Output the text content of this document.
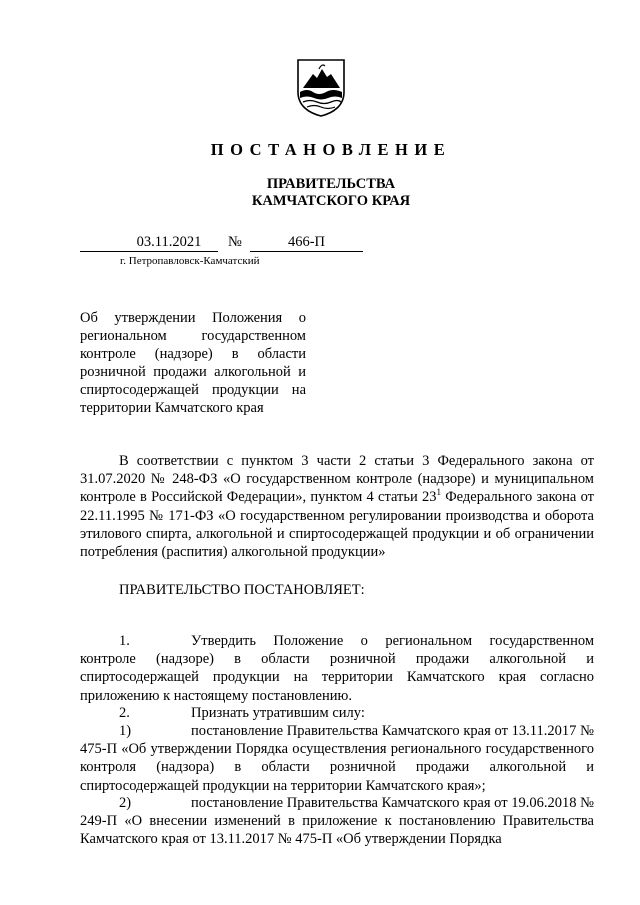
ПОСТАНОВЛЕНИЕ
ПРАВИТЕЛЬСТВА
КАМЧАТСКОГО КРАЯ
03.11.2021	№	466-П
г. Петропавловск-Камчатский
Об утверждении Положения о региональном государственном контроле (надзоре) в области розничной продажи алкогольной и спиртосодержащей продукции на территории Камчатского края
В соответствии с пунктом 3 части 2 статьи 3 Федерального закона от 31.07.2020 № 248-ФЗ «О государственном контроле (надзоре) и муниципальном контроле в Российской Федерации», пунктом 4 статьи $23^1$ Федерального закона от 22.11.1995 № 171-ФЗ «О государственном регулировании производства и оборота этилового спирта, алкогольной и спиртосодержащей продукции и об ограничении потребления (распития) алкогольной продукции»
ПРАВИТЕЛЬСТВО ПОСТАНОВЛЯЕТ:
1.	Утвердить Положение о региональном государственном контроле (надзоре) в области розничной продажи алкогольной и спиртосодержащей продукции на территории Камчатского края согласно приложению к настоящему постановлению.
2.	Признать утратившим силу:
1)	постановление Правительства Камчатского края от 13.11.2017 № 475-П «Об утверждении Порядка осуществления регионального государственного контроля (надзора) в области розничной продажи алкогольной и спиртосодержащей продукции на территории Камчатского края»;
2)	постановление Правительства Камчатского края от 19.06.2018 № 249-П «О внесении изменений в приложение к постановлению Правительства Камчатского края от 13.11.2017 № 475-П «Об утверждении Порядка
